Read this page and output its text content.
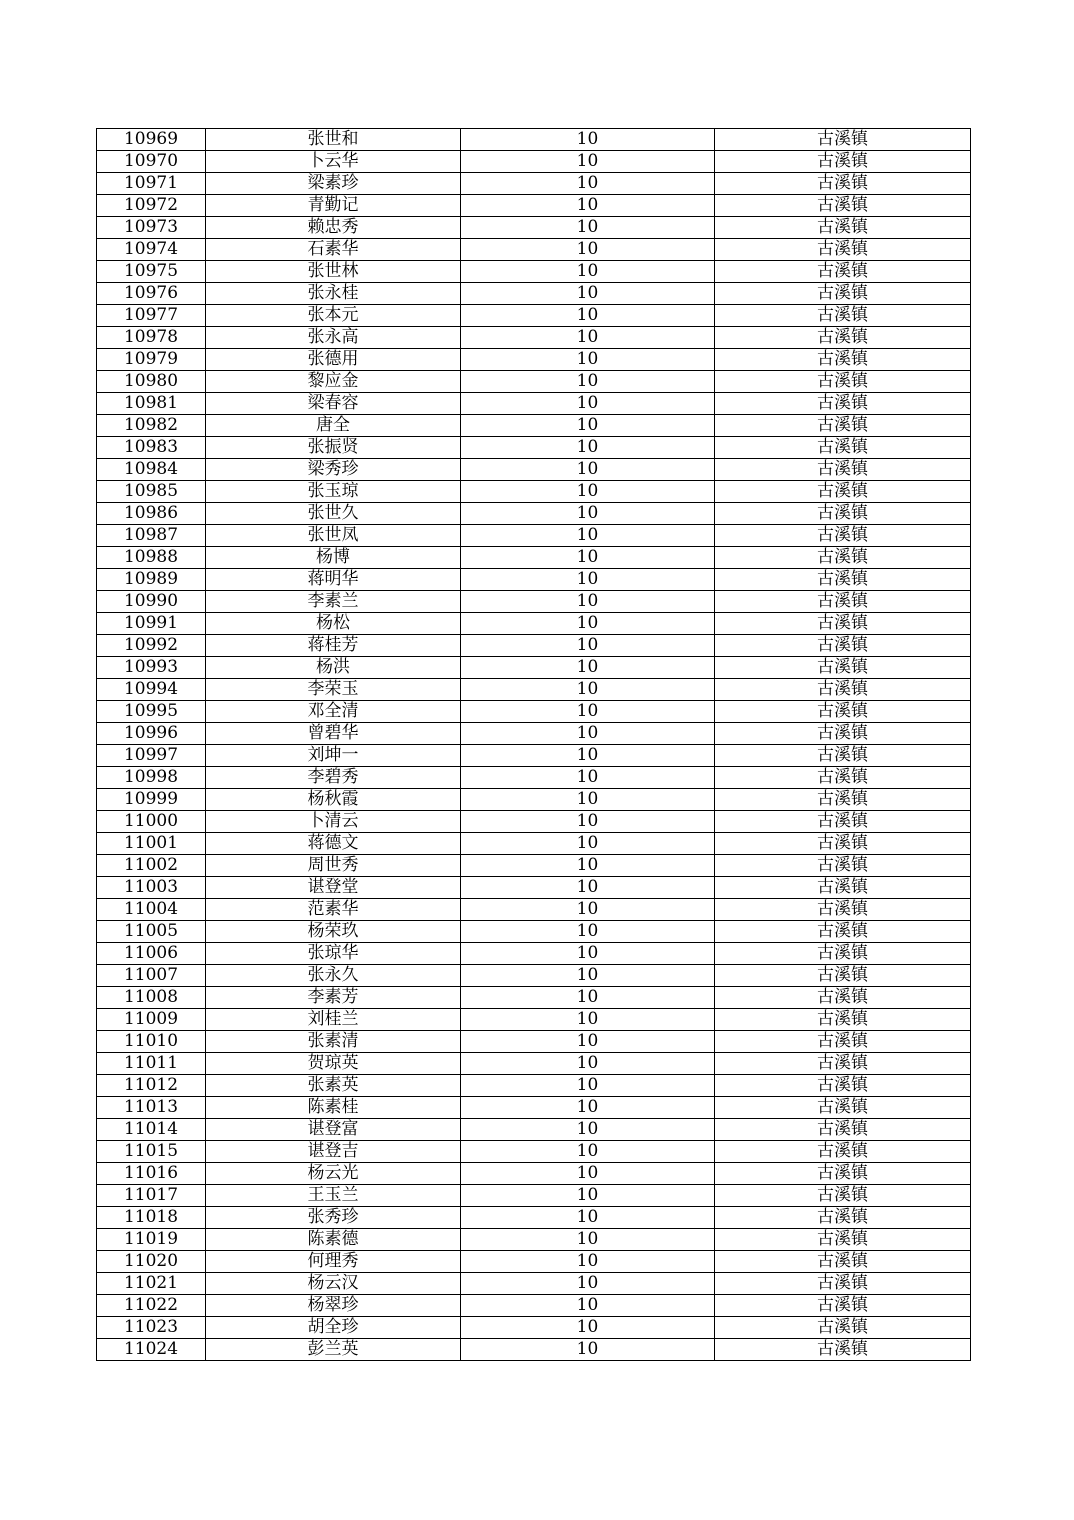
10969	张世和	10	古溪镇
10970	卜云华	10	古溪镇
10971	梁素珍	10	古溪镇
10972	青勤记	10	古溪镇
10973	赖忠秀	10	古溪镇
10974	石素华	10	古溪镇
10975	张世林	10	古溪镇
10976	张永桂	10	古溪镇
10977	张本元	10	古溪镇
10978	张永高	10	古溪镇
10979	张德用	10	古溪镇
10980	黎应金	10	古溪镇
10981	梁春容	10	古溪镇
10982	唐全	10	古溪镇
10983	张振贤	10	古溪镇
10984	梁秀珍	10	古溪镇
10985	张玉琼	10	古溪镇
10986	张世久	10	古溪镇
10987	张世凤	10	古溪镇
10988	杨博	10	古溪镇
10989	蒋明华	10	古溪镇
10990	李素兰	10	古溪镇
10991	杨松	10	古溪镇
10992	蒋桂芳	10	古溪镇
10993	杨洪	10	古溪镇
10994	李荣玉	10	古溪镇
10995	邓全清	10	古溪镇
10996	曾碧华	10	古溪镇
10997	刘坤一	10	古溪镇
10998	李碧秀	10	古溪镇
10999	杨秋霞	10	古溪镇
11000	卜清云	10	古溪镇
11001	蒋德文	10	古溪镇
11002	周世秀	10	古溪镇
11003	谌登堂	10	古溪镇
11004	范素华	10	古溪镇
11005	杨荣玖	10	古溪镇
11006	张琼华	10	古溪镇
11007	张永久	10	古溪镇
11008	李素芳	10	古溪镇
11009	刘桂兰	10	古溪镇
11010	张素清	10	古溪镇
11011	贺琼英	10	古溪镇
11012	张素英	10	古溪镇
11013	陈素桂	10	古溪镇
11014	谌登富	10	古溪镇
11015	谌登吉	10	古溪镇
11016	杨云光	10	古溪镇
11017	王玉兰	10	古溪镇
11018	张秀珍	10	古溪镇
11019	陈素德	10	古溪镇
11020	何理秀	10	古溪镇
11021	杨云汉	10	古溪镇
11022	杨翠珍	10	古溪镇
11023	胡全珍	10	古溪镇
11024	彭兰英	10	古溪镇
